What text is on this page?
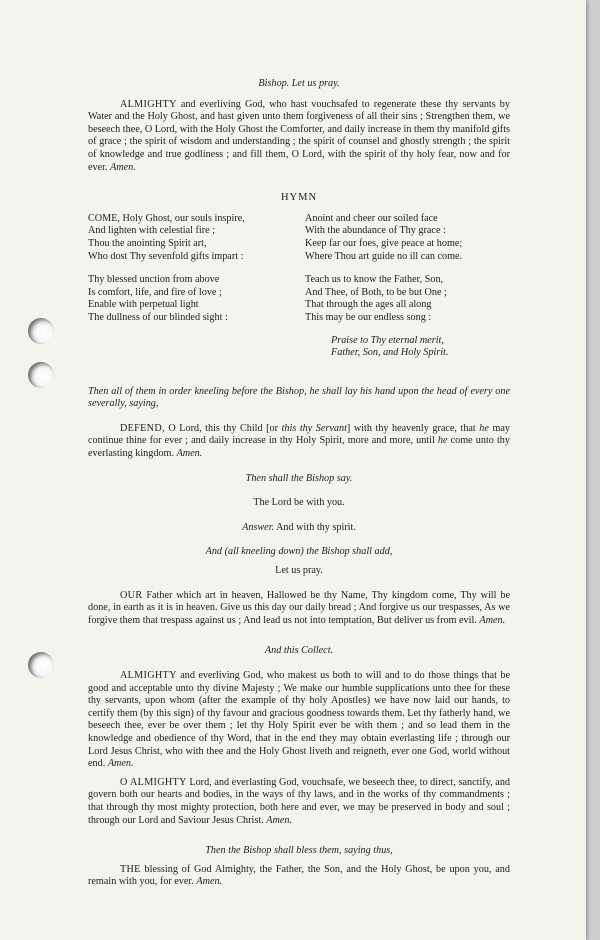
Bishop. Let us pray.

ALMIGHTY and everliving God, who hast vouchsafed to regenerate these thy servants by Water and the Holy Ghost, and hast given unto them forgiveness of all their sins ; Strengthen them, we beseech thee, O Lord, with the Holy Ghost the Comforter, and daily increase in them thy manifold gifts of grace ; the spirit of wisdom and understanding ; the spirit of counsel and ghostly strength ; the spirit of knowledge and true godliness ; and fill them, O Lord, with the spirit of thy holy fear, now and for ever. Amen.

HYMN

COME, Holy Ghost, our souls inspire,
And lighten with celestial fire ;
Thou the anointing Spirit art,
Who dost Thy sevenfold gifts impart :
Thy blessed unction from above
Is comfort, life, and fire of love ;
Enable with perpetual light
The dullness of our blinded sight :
Anoint and cheer our soiled face
With the abundance of Thy grace :
Keep far our foes, give peace at home;
Where Thou art guide no ill can come.
Teach us to know the Father, Son,
And Thee, of Both, to be but One ;
That through the ages all along
This may be our endless song :
Praise to Thy eternal merit,
Father, Son, and Holy Spirit.

Then all of them in order kneeling before the Bishop, he shall lay his hand upon the head of every one severally, saying,

DEFEND, O Lord, this thy Child [or this thy Servant] with thy heavenly grace, that he may continue thine for ever ; and daily increase in thy Holy Spirit, more and more, until he come unto thy everlasting kingdom. Amen.

Then shall the Bishop say.

The Lord be with you.

Answer. And with thy spirit.

And (all kneeling down) the Bishop shall add,

Let us pray.

OUR Father which art in heaven, Hallowed be thy Name, Thy kingdom come, Thy will be done, in earth as it is in heaven. Give us this day our daily bread ; And forgive us our trespasses, As we forgive them that trespass against us ; And lead us not into temptation, But deliver us from evil. Amen.

And this Collect.

ALMIGHTY and everliving God, who makest us both to will and to do those things that be good and acceptable unto thy divine Majesty ; We make our humble supplications unto thee for these thy servants, upon whom (after the example of thy holy Apostles) we have now laid our hands, to certify them (by this sign) of thy favour and gracious goodness towards them. Let thy fatherly hand, we beseech thee, ever be over them ; let thy Holy Spirit ever be with them ; and so lead them in the knowledge and obedience of thy Word, that in the end they may obtain everlasting life ; through our Lord Jesus Christ, who with thee and the Holy Ghost liveth and reigneth, ever one God, world without end. Amen.

O ALMIGHTY Lord, and everlasting God, vouchsafe, we beseech thee, to direct, sanctify, and govern both our hearts and bodies, in the ways of thy laws, and in the works of thy commandments ; that through thy most mighty protection, both here and ever, we may be preserved in body and soul ; through our Lord and Saviour Jesus Christ. Amen.

Then the Bishop shall bless them, saying thus,

THE blessing of God Almighty, the Father, the Son, and the Holy Ghost, be upon you, and remain with you, for ever. Amen.
